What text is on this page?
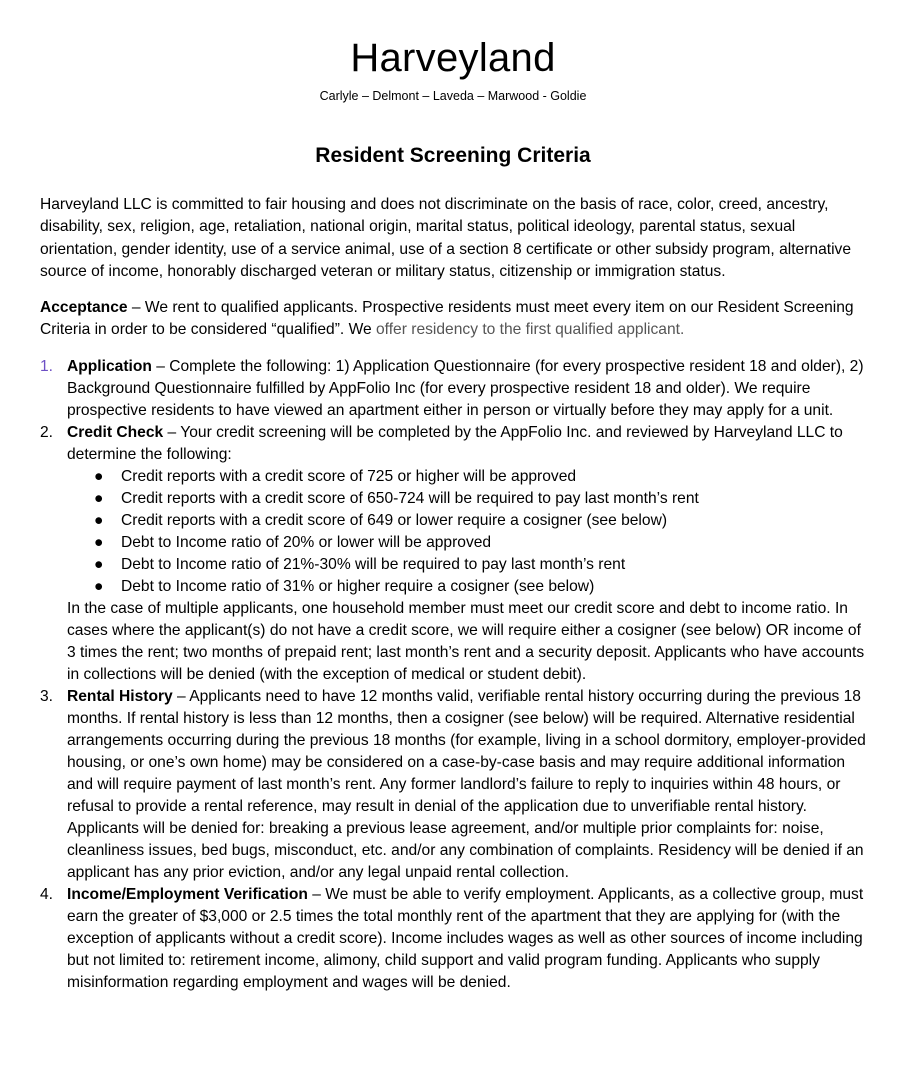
Harveyland
Carlyle – Delmont – Laveda – Marwood - Goldie
Resident Screening Criteria

Harveyland LLC is committed to fair housing and does not discriminate on the basis of race, color, creed, ancestry, disability, sex, religion, age, retaliation, national origin, marital status, political ideology, parental status, sexual orientation, gender identity, use of a service animal, use of a section 8 certificate or other subsidy program, alternative source of income, honorably discharged veteran or military status, citizenship or immigration status.

Acceptance – We rent to qualified applicants. Prospective residents must meet every item on our Resident Screening Criteria in order to be considered “qualified”. We offer residency to the first qualified applicant.

1. Application – Complete the following: 1) Application Questionnaire (for every prospective resident 18 and older), 2) Background Questionnaire fulfilled by AppFolio Inc (for every prospective resident 18 and older). We require prospective residents to have viewed an apartment either in person or virtually before they may apply for a unit.
2. Credit Check – Your credit screening will be completed by the AppFolio Inc. and reviewed by Harveyland LLC to determine the following:
● Credit reports with a credit score of 725 or higher will be approved
● Credit reports with a credit score of 650-724 will be required to pay last month’s rent
● Credit reports with a credit score of 649 or lower require a cosigner (see below)
● Debt to Income ratio of 20% or lower will be approved
● Debt to Income ratio of 21%-30% will be required to pay last month’s rent
● Debt to Income ratio of 31% or higher require a cosigner (see below)
In the case of multiple applicants, one household member must meet our credit score and debt to income ratio. In cases where the applicant(s) do not have a credit score, we will require either a cosigner (see below) OR income of 3 times the rent; two months of prepaid rent; last month’s rent and a security deposit. Applicants who have accounts in collections will be denied (with the exception of medical or student debit).
3. Rental History – Applicants need to have 12 months valid, verifiable rental history occurring during the previous 18 months. If rental history is less than 12 months, then a cosigner (see below) will be required. Alternative residential arrangements occurring during the previous 18 months (for example, living in a school dormitory, employer-provided housing, or one’s own home) may be considered on a case-by-case basis and may require additional information and will require payment of last month’s rent. Any former landlord’s failure to reply to inquiries within 48 hours, or refusal to provide a rental reference, may result in denial of the application due to unverifiable rental history.
Applicants will be denied for: breaking a previous lease agreement, and/or multiple prior complaints for: noise, cleanliness issues, bed bugs, misconduct, etc. and/or any combination of complaints. Residency will be denied if an applicant has any prior eviction, and/or any legal unpaid rental collection.
4. Income/Employment Verification – We must be able to verify employment. Applicants, as a collective group, must earn the greater of $3,000 or 2.5 times the total monthly rent of the apartment that they are applying for (with the exception of applicants without a credit score). Income includes wages as well as other sources of income including but not limited to: retirement income, alimony, child support and valid program funding. Applicants who supply misinformation regarding employment and wages will be denied.
